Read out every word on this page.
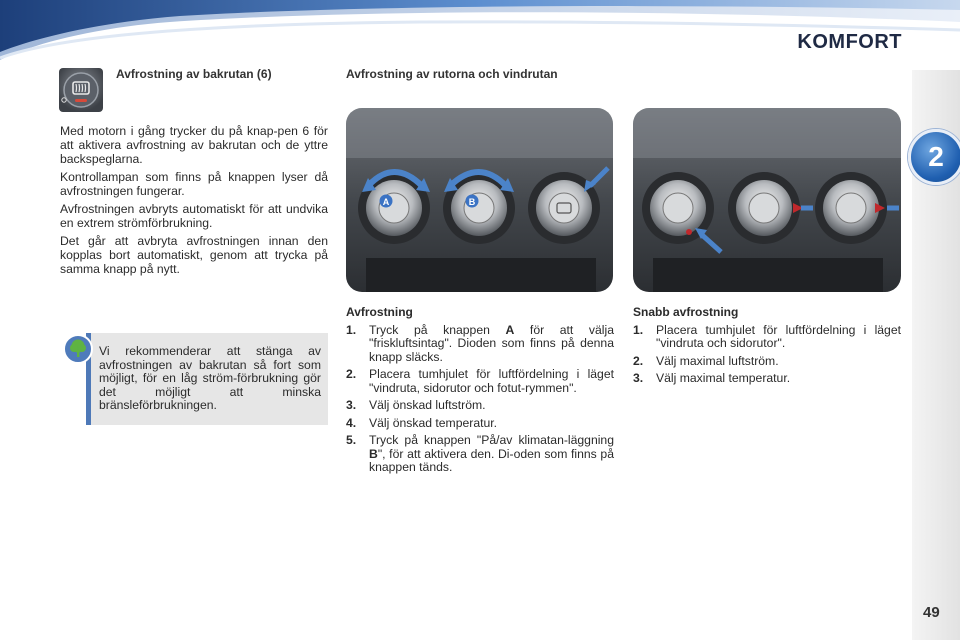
KOMFORT
2
Avfrostning av bakrutan (6)

Med motorn i gång trycker du på knap-pen 6 för att aktivera avfrostning av bakrutan och de yttre backspeglarna.

Kontrollampan som finns på knappen lyser då avfrostningen fungerar.

Avfrostningen avbryts automatiskt för att undvika en extrem strömförbrukning.

Det går att avbryta avfrostningen innan den kopplas bort automatiskt, genom att trycka på samma knapp på nytt.

Vi rekommenderar att stänga av avfrostningen av bakrutan så fort som möjligt, för en låg ström-förbrukning gör det möjligt att minska bränsleförbrukningen.
Avfrostning av rutorna och vindrutan
A	B
Avfrostning
1. Tryck på knappen A för att välja "friskluftsintag". Dioden som finns på denna knapp släcks.
2. Placera tumhjulet för luftfördelning i läget "vindruta, sidorutor och fotut-rymmen".
3. Välj önskad luftström.
4. Välj önskad temperatur.
5. Tryck på knappen "På/av klimatan-läggning B", för att aktivera den. Di-oden som finns på knappen tänds.
Snabb avfrostning
1. Placera tumhjulet för luftfördelning i läget "vindruta och sidorutor".
2. Välj maximal luftström.
3. Välj maximal temperatur.
49
